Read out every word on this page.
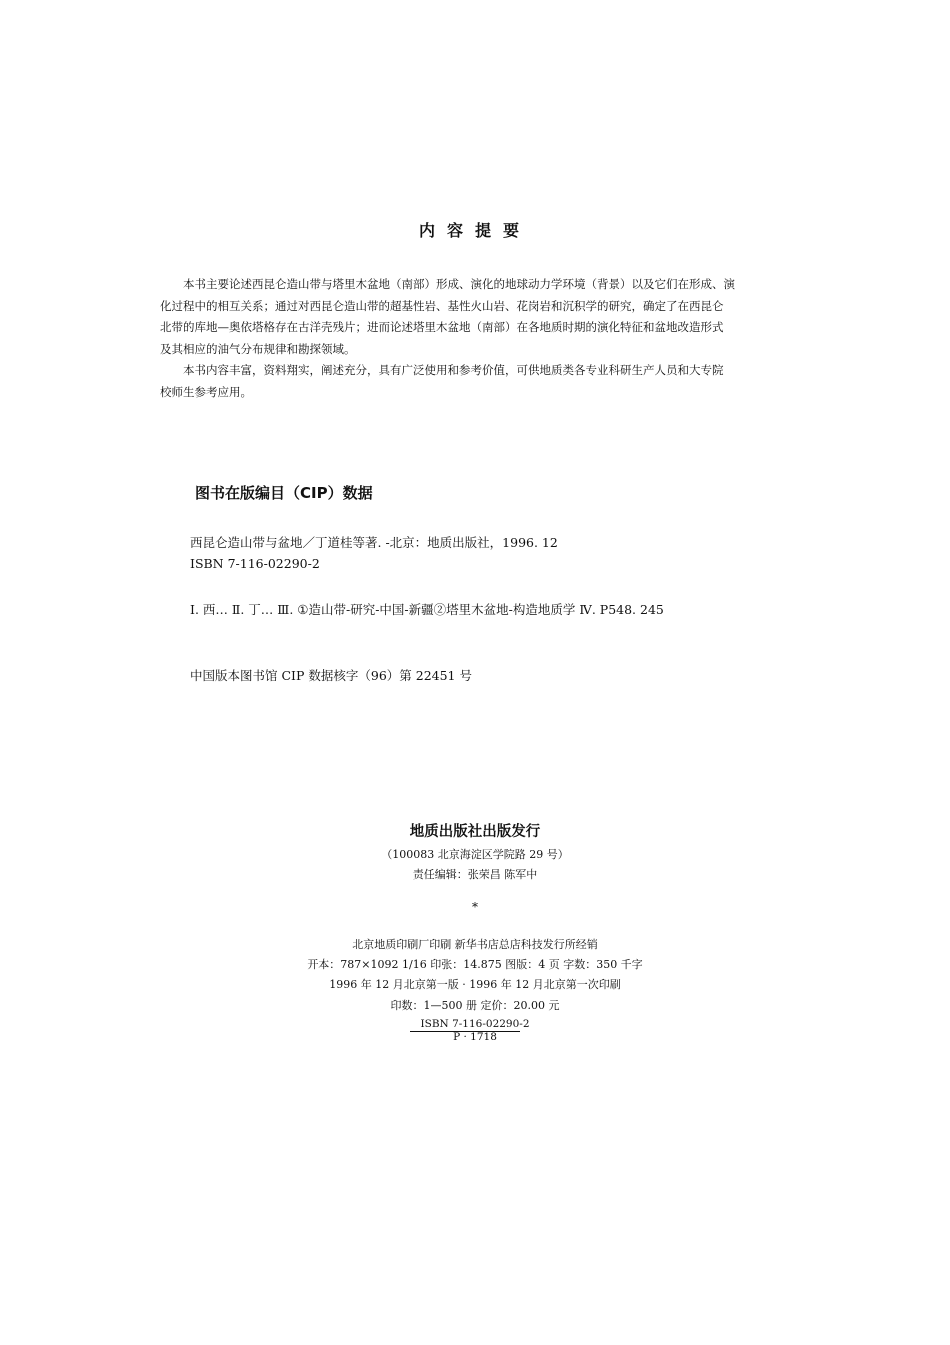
内容提要
本书主要论述西昆仑造山带与塔里木盆地（南部）形成、演化的地球动力学环境（背景）以及它们在形成、演
化过程中的相互关系；通过对西昆仑造山带的超基性岩、基性火山岩、花岗岩和沉积学的研究，确定了在西昆仑
北带的库地—奥依塔格存在古洋壳残片；进而论述塔里木盆地（南部）在各地质时期的演化特征和盆地改造形式
及其相应的油气分布规律和勘探领域。
本书内容丰富，资料翔实，阐述充分，具有广泛使用和参考价值，可供地质类各专业科研生产人员和大专院
校师生参考应用。
图书在版编目（CIP）数据
西昆仑造山带与盆地／丁道桂等著. -北京：地质出版社，1996. 12
ISBN 7-116-02290-2
Ⅰ. 西… Ⅱ. 丁… Ⅲ. ①造山带-研究-中国-新疆②塔里木盆地-构造地质学 Ⅳ. P548. 245
中国版本图书馆 CIP 数据核字（96）第 22451 号
地质出版社出版发行
（100083 北京海淀区学院路 29 号）
责任编辑：张荣昌 陈军中
*
北京地质印刷厂印刷 新华书店总店科技发行所经销
开本：787×1092 1/16 印张：14.875 图版：4 页 字数：350 千字
1996 年 12 月北京第一版 · 1996 年 12 月北京第一次印刷
印数：1—500 册 定价：20.00 元
ISBN 7-116-02290-2
P · 1718
